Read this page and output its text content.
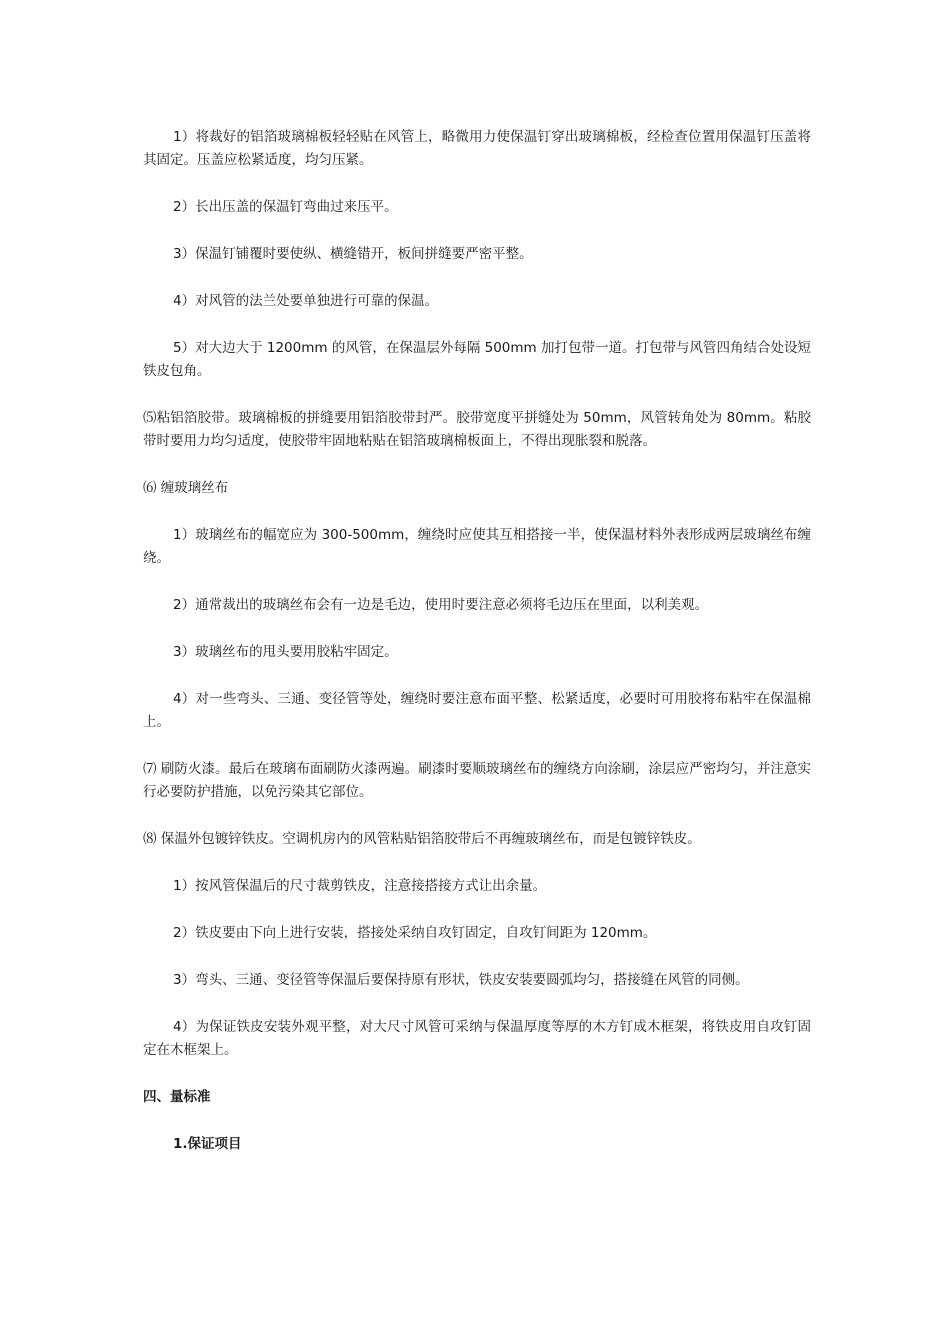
1）将裁好的铝箔玻璃棉板轻轻贴在风管上，略微用力使保温钉穿出玻璃棉板，经检查位置用保温钉压盖将其固定。压盖应松紧适度，均匀压紧。

2）长出压盖的保温钉弯曲过来压平。

3）保温钉铺覆时要使纵、横缝错开，板间拼缝要严密平整。

4）对风管的法兰处要单独进行可靠的保温。

5）对大边大于 1200mm 的风管，在保温层外每隔 500mm 加打包带一道。打包带与风管四角结合处设短铁皮包角。

⑸粘铝箔胶带。玻璃棉板的拼缝要用铝箔胶带封严。胶带宽度平拼缝处为 50mm，风管转角处为 80mm。粘胶带时要用力均匀适度，使胶带牢固地粘贴在铝箔玻璃棉板面上，不得出现胀裂和脱落。

⑹ 缠玻璃丝布

1）玻璃丝布的幅宽应为 300-500mm，缠绕时应使其互相搭接一半，使保温材料外表形成两层玻璃丝布缠绕。

2）通常裁出的玻璃丝布会有一边是毛边，使用时要注意必须将毛边压在里面，以利美观。

3）玻璃丝布的甩头要用胶粘牢固定。

4）对一些弯头、三通、变径管等处，缠绕时要注意布面平整、松紧适度，必要时可用胶将布粘牢在保温棉上。

⑺ 刷防火漆。最后在玻璃布面刷防火漆两遍。刷漆时要顺玻璃丝布的缠绕方向涂刷，涂层应严密均匀，并注意实行必要防护措施，以免污染其它部位。

⑻ 保温外包镀锌铁皮。空调机房内的风管粘贴铝箔胶带后不再缠玻璃丝布，而是包镀锌铁皮。

1）按风管保温后的尺寸裁剪铁皮，注意接搭接方式让出余量。

2）铁皮要由下向上进行安装，搭接处采纳自攻钉固定，自攻钉间距为 120mm。

3）弯头、三通、变径管等保温后要保持原有形状，铁皮安装要圆弧均匀，搭接缝在风管的同侧。

4）为保证铁皮安装外观平整，对大尺寸风管可采纳与保温厚度等厚的木方钉成木框架，将铁皮用自攻钉固定在木框架上。

四、量标准

1.保证项目
